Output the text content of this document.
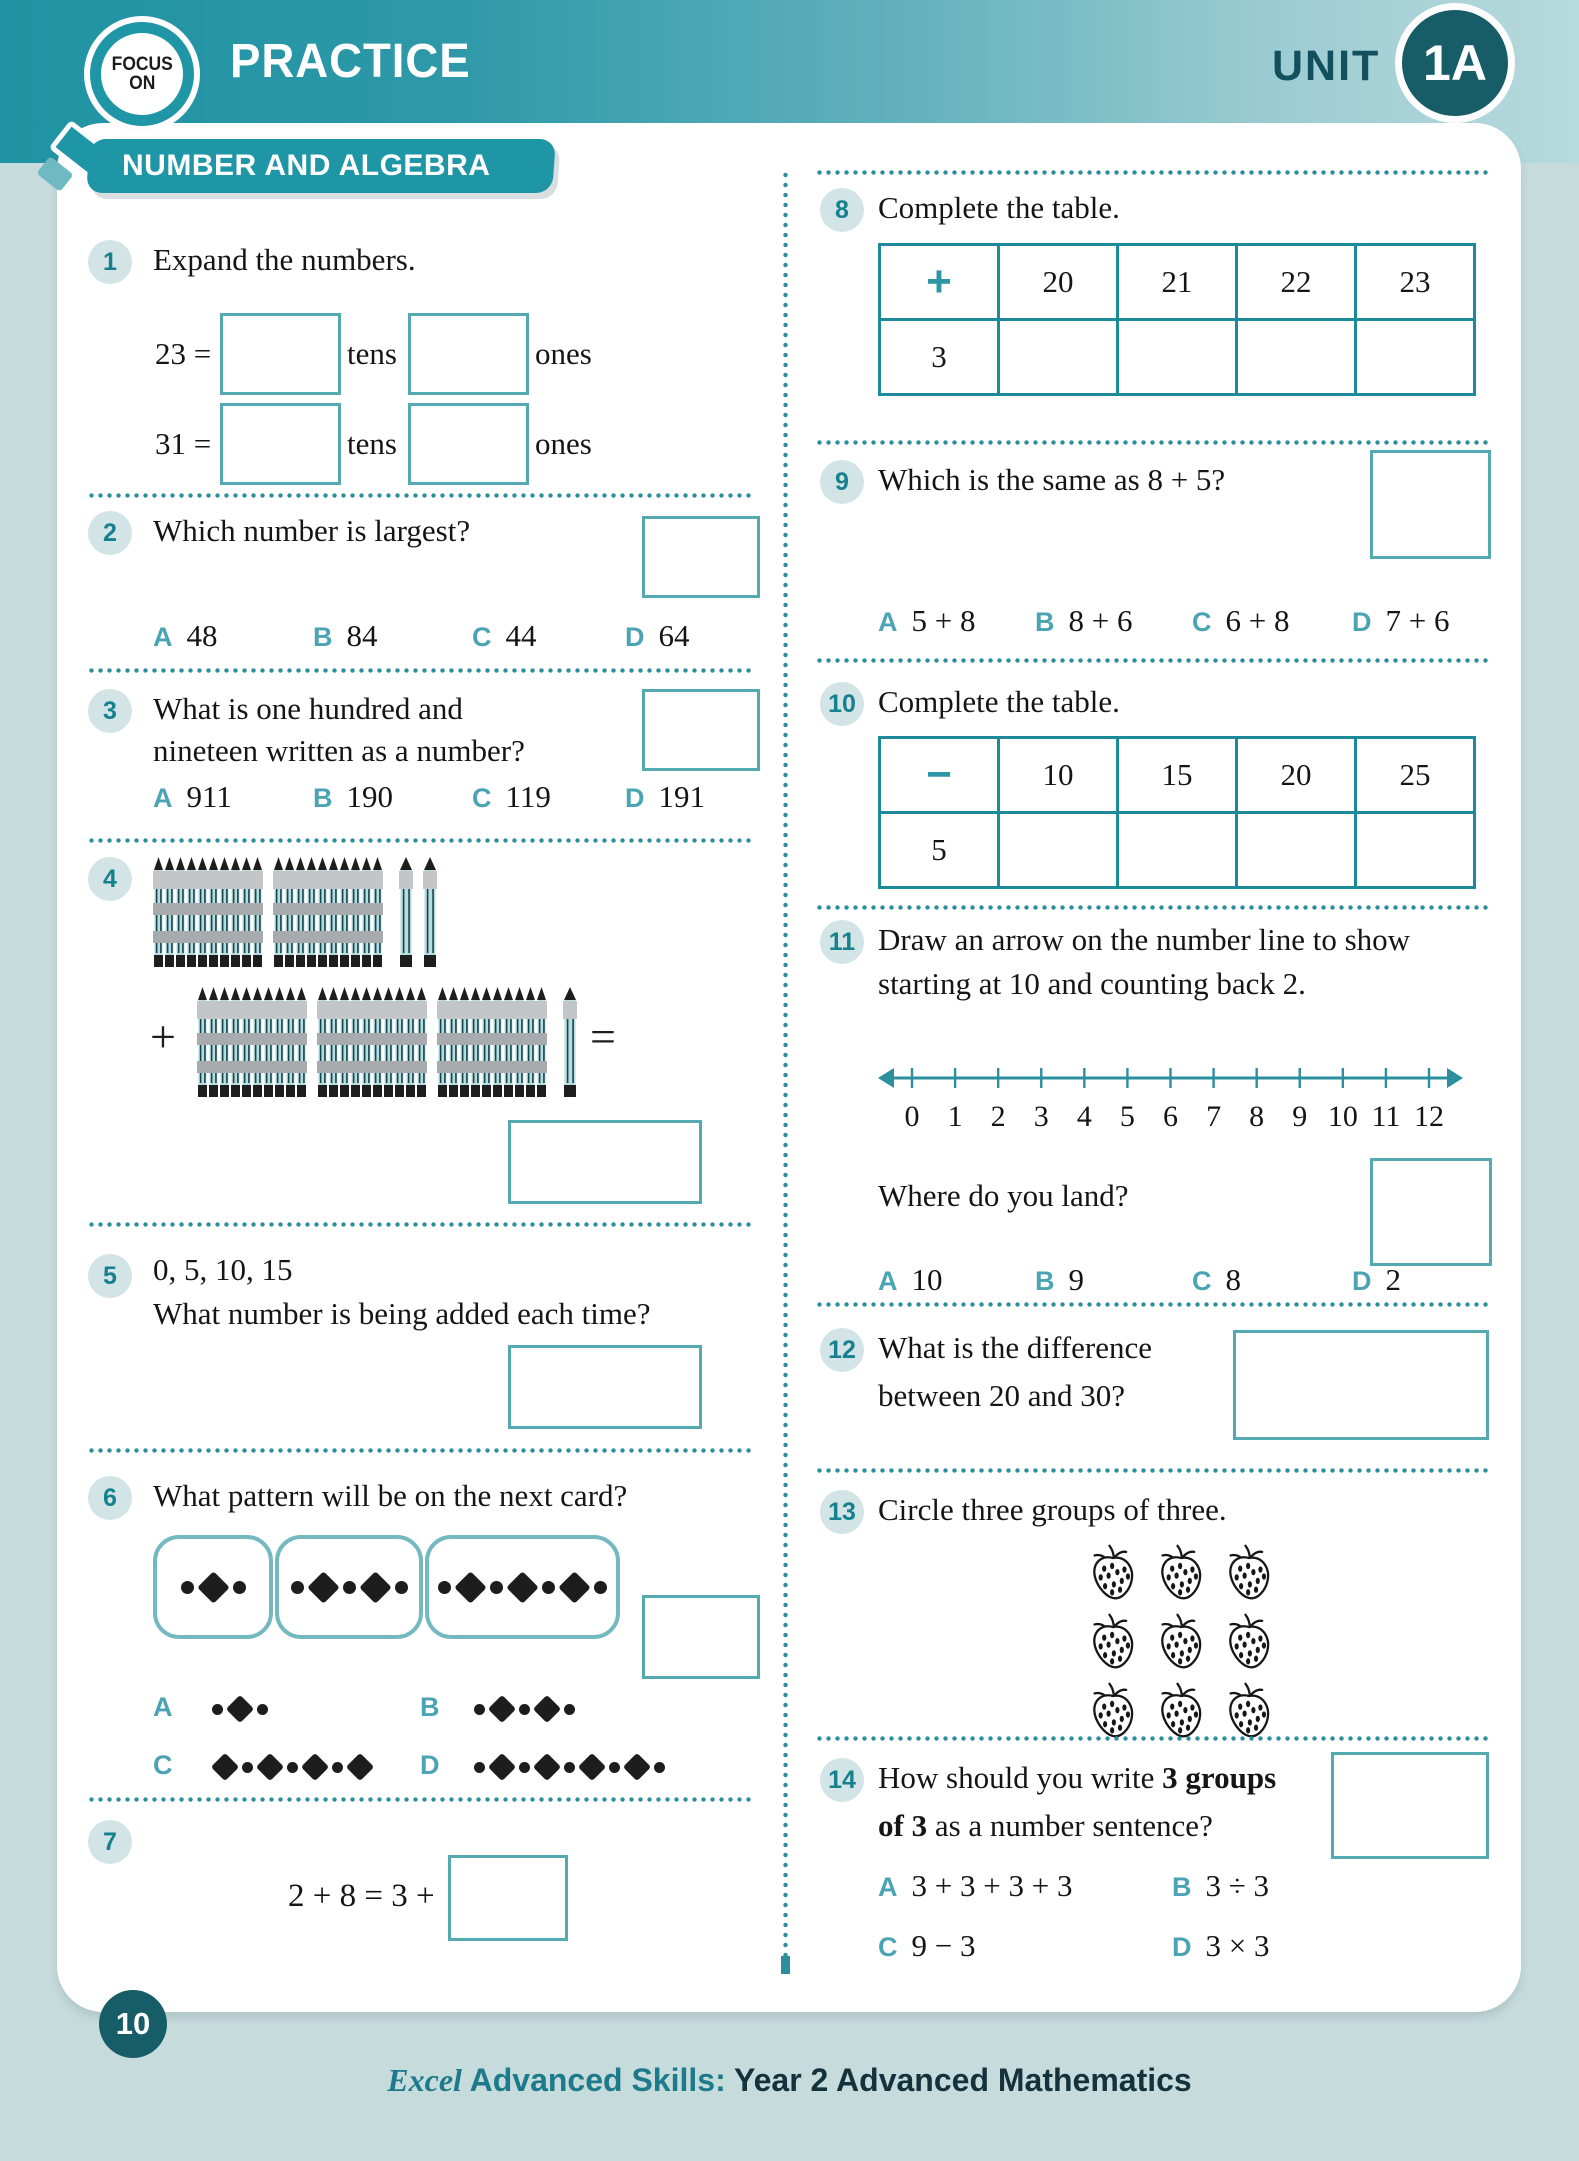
FOCUS
ON PRACTICE	UNIT 1A
NUMBER AND ALGEBRA
1	Expand the numbers.
23 =	tens	ones
31 =	tens	ones
2	Which number is largest?
A 48	B 84	C 44	D 64
3	What is one hundred and
nineteen written as a number?
A 911	B 190	C 119	D 191
4
+	=
5	0, 5, 10, 15
What number is being added each time?
6	What pattern will be on the next card?
A	B
C	D
7
2 + 8 = 3 +
8 Complete the table.
+	20	21	22	23
3				
9 Which is the same as 8 + 5?
A 5 + 8 B 8 + 6 C 6 + 8 D 7 + 6
10 Complete the table.
−	10	15	20	25
5				
11 Draw an arrow on the number line to show
starting at 10 and counting back 2.
0 1 2 3 4 5 6 7 8 9 10 11 12
Where do you land?
A 10	B 9	C 8	D 2
12 What is the difference
between 20 and 30?
13 Circle three groups of three.
14 How should you write 3 groups
of 3 as a number sentence?
A 3 + 3 + 3 + 3	B 3 ÷ 3
C 9 − 3	D 3 × 3
10
Excel Advanced Skills: Year 2 Advanced Mathematics
